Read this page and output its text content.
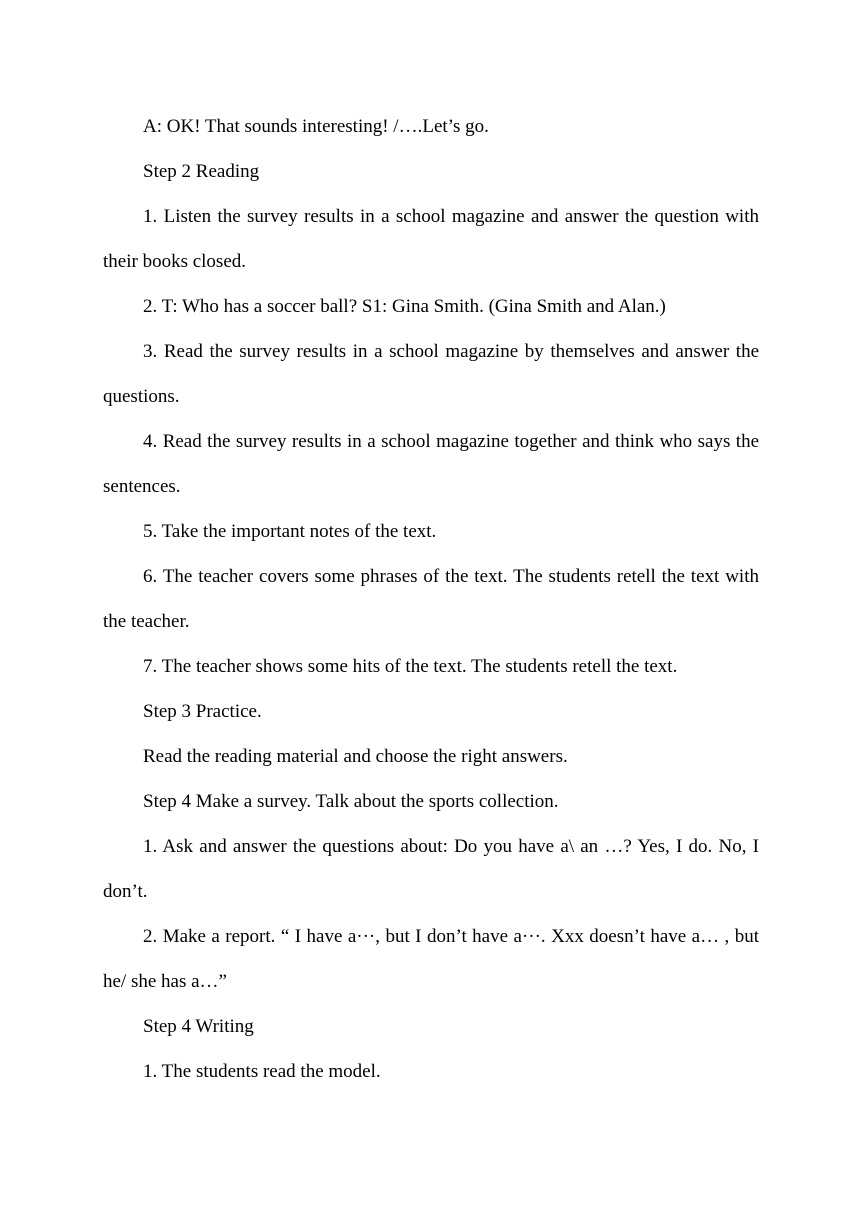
A: OK! That sounds interesting! /….Let’s go.

Step 2 Reading

1. Listen the survey results in a school magazine and answer the question with their books closed.

2. T: Who has a soccer ball? S1: Gina Smith. (Gina Smith and Alan.)

3. Read the survey results in a school magazine by themselves and answer the questions.

4. Read the survey results in a school magazine together and think who says the sentences.

5. Take the important notes of the text.

6. The teacher covers some phrases of the text. The students retell the text with the teacher.

7. The teacher shows some hits of the text. The students retell the text.

Step 3 Practice.

Read the reading material and choose the right answers.

Step 4 Make a survey. Talk about the sports collection.

1. Ask and answer the questions about: Do you have a\ an …? Yes, I do. No, I don’t.

2. Make a report. “ I have a···, but I don’t have a···. Xxx doesn’t have a… , but he/ she has a…”

Step 4 Writing

1. The students read the model.
